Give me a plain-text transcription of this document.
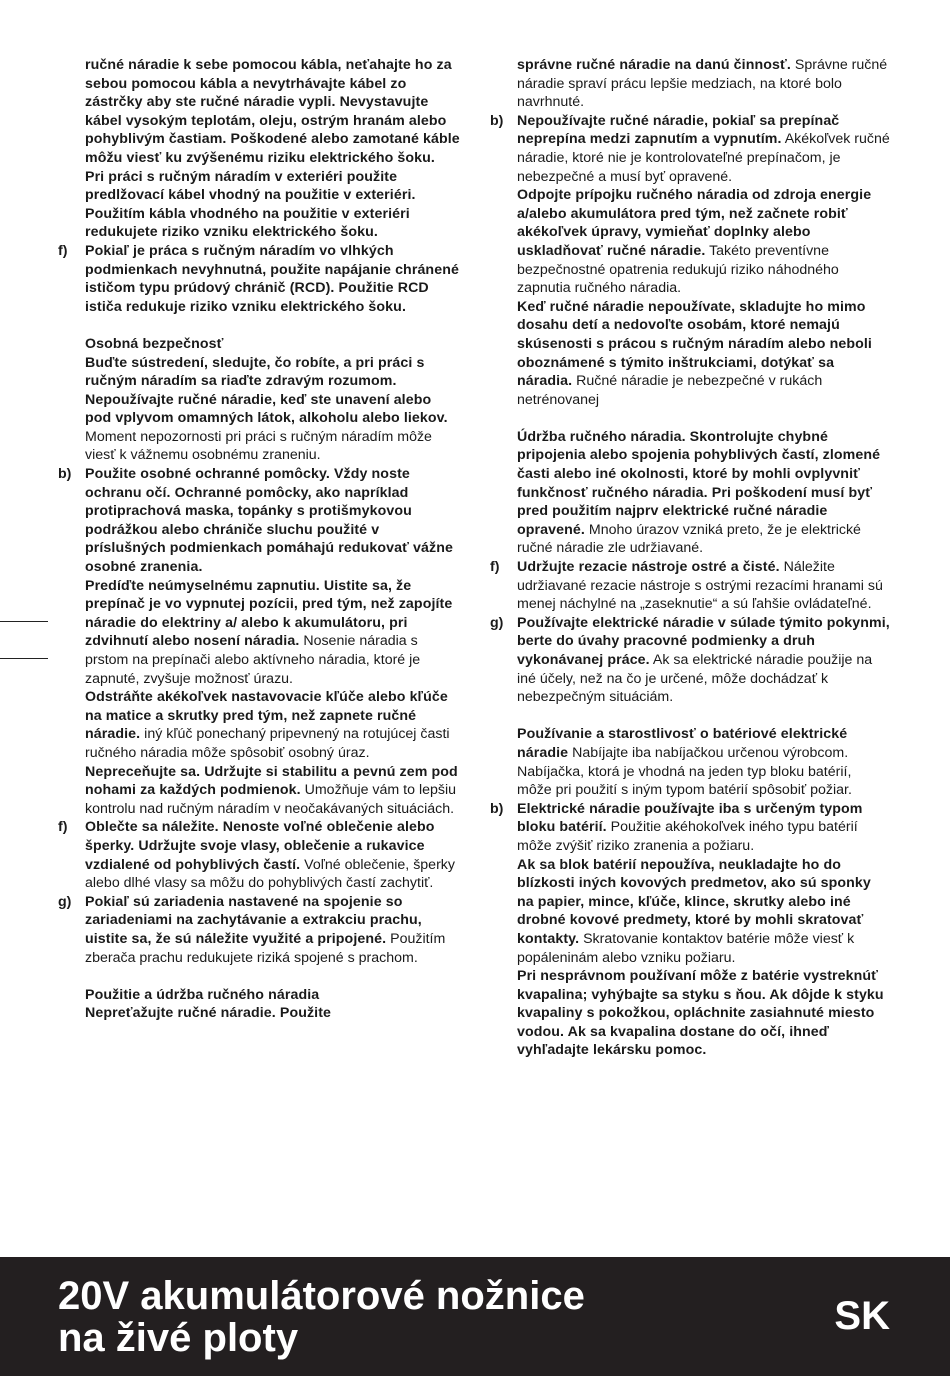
ručné náradie k sebe pomocou kábla, neťahajte ho za sebou pomocou kábla a nevytrhávajte kábel zo zástrčky aby ste ručné náradie vypli. Nevystavujte kábel vysokým teplotám, oleju, ostrým hranám alebo pohyblivým častiam. Poškodené alebo zamotané káble môžu viesť ku zvýšenému riziku elektrického šoku.

Pri práci s ručným náradím v exteriéri použite predlžovací kábel vhodný na použitie v exteriéri. Použitím kábla vhodného na použitie v exteriéri redukujete riziko vzniku elektrického šoku.

f) Pokiaľ je práca s ručným náradím vo vlhkých podmienkach nevyhnutná, použite napájanie chránené ističom typu prúdový chránič (RCD). Použitie RCD ističa redukuje riziko vzniku elektrického šoku.

Osobná bezpečnosť

Buďte sústredení, sledujte, čo robíte, a pri práci s ručným náradím sa riaďte zdravým rozumom. Nepoužívajte ručné náradie, keď ste unavení alebo pod vplyvom omamných látok, alkoholu alebo liekov. Moment nepozornosti pri práci s ručným náradím môže viesť k vážnemu osobnému zraneniu.

b) Použite osobné ochranné pomôcky. Vždy noste ochranu očí. Ochranné pomôcky, ako napríklad protiprachová maska, topánky s protišmykovou podrážkou alebo chrániče sluchu použité v príslušných podmienkach pomáhajú redukovať vážne osobné zranenia.

Predíďte neúmyselnému zapnutiu. Uistite sa, že prepínač je vo vypnutej pozícii, pred tým, než zapojíte náradie do elektriny a/ alebo k akumulátoru, pri zdvihnutí alebo nosení náradia. Nosenie náradia s prstom na prepínači alebo aktívneho náradia, ktoré je zapnuté, zvyšuje možnosť úrazu.

Odstráňte akékoľvek nastavovacie kľúče alebo kľúče na matice a skrutky pred tým, než zapnete ručné náradie. iný kľúč ponechaný pripevnený na rotujúcej časti ručného náradia môže spôsobiť osobný úraz.

Neprecеňujte sa. Udržujte si stabilitu a pevnú zem pod nohami za každých podmienok. Umožňuje vám to lepšiu kontrolu nad ručným náradím v neočakávaných situáciách.

f) Oblečte sa náležite. Nenoste voľné oblečenie alebo šperky. Udržujte svoje vlasy, oblečenie a rukavice vzdialené od pohyblivých častí. Voľné oblečenie, šperky alebo dlhé vlasy sa môžu do pohyblivých častí zachytiť.

g) Pokiaľ sú zariadenia nastavené na spojenie so zariadeniami na zachytávanie a extrakciu prachu, uistite sa, že sú náležite využité a pripojené. Použitím zberača prachu redukujete riziká spojené s prachom.

Použitie a údržba ručného náradia

Nepreťažujte ručné náradie. Použite

správne ručné náradie na danú činnosť. Správne ručné náradie spraví prácu lepšie medziach, na ktoré bolo navrhnuté.

b) Nepoužívajte ručné náradie, pokiaľ sa prepínač neprepína medzi zapnutím a vypnutím. Akékoľvek ručné náradie, ktoré nie je kontrolovateľné prepínačom, je nebezpečné a musí byť opravené.

Odpojte prípojku ručného náradia od zdroja energie a/alebo akumulátora pred tým, než začnete robiť akékoľvek úpravy, vymieňať doplnky alebo uskladňovať ručné náradie. Takéto preventívne bezpečnostné opatrenia redukujú riziko náhodného zapnutia ručného náradia.

Keď ručné náradie nepoužívate, skladujte ho mimo dosahu detí a nedovoľte osobám, ktoré nemajú skúsenosti s prácou s ručným náradím alebo neboli oboznámené s týmito inštrukciami, dotýkať sa náradia. Ručné náradie je nebezpečné v rukách netrénovanej

Údržba ručného náradia. Skontrolujte chybné pripojenia alebo spojenia pohyblivých častí, zlomené časti alebo iné okolnosti, ktoré by mohli ovplyvniť funkčnosť ručného náradia. Pri poškodení musí byť pred použitím najprv elektrické ručné náradie opravené. Mnoho úrazov vzniká preto, že je elektrické ručné náradie zle udržiavané.

f) Udržujte rezacie nástroje ostré a čisté. Náležite udržiavané rezacie nástroje s ostrými rezacími hranami sú menej náchylné na „zaseknutie“ a sú ľahšie ovládateľné.

g) Používajte elektrické náradie v súlade týmito pokynmi, berte do úvahy pracovné podmienky a druh vykonávanej práce. Ak sa elektrické náradie použije na iné účely, než na čo je určené, môže dochádzať k nebezpečným situáciám.

Používanie a starostlivosť o batériové elektrické náradie Nabíjajte iba nabíjačkou určenou výrobcom. Nabíjačka, ktorá je vhodná na jeden typ bloku batérií, môže pri použití s iným typom batérií spôsobiť požiar.

b) Elektrické náradie používajte iba s určeným typom bloku batérií. Použitie akéhokoľvek iného typu batérií môže zvýšiť riziko zranenia a požiaru.

Ak sa blok batérií nepoužíva, neukladajte ho do blízkosti iných kovových predmetov, ako sú sponky na papier, mince, kľúče, klince, skrutky alebo iné drobné kovové predmety, ktoré by mohli skratovať kontakty. Skratovanie kontaktov batérie môže viesť k popáleninám alebo vzniku požiaru.

Pri nesprávnom používaní môže z batérie vystreknúť kvapalina; vyhýbajte sa styku s ňou. Ak dôjde k styku kvapaliny s pokožkou, opláchnite zasiahnuté miesto vodou. Ak sa kvapalina dostane do očí, ihneď vyhľadajte lekársku pomoc.

20V akumulátorové nožnice
na živé ploty	SK
